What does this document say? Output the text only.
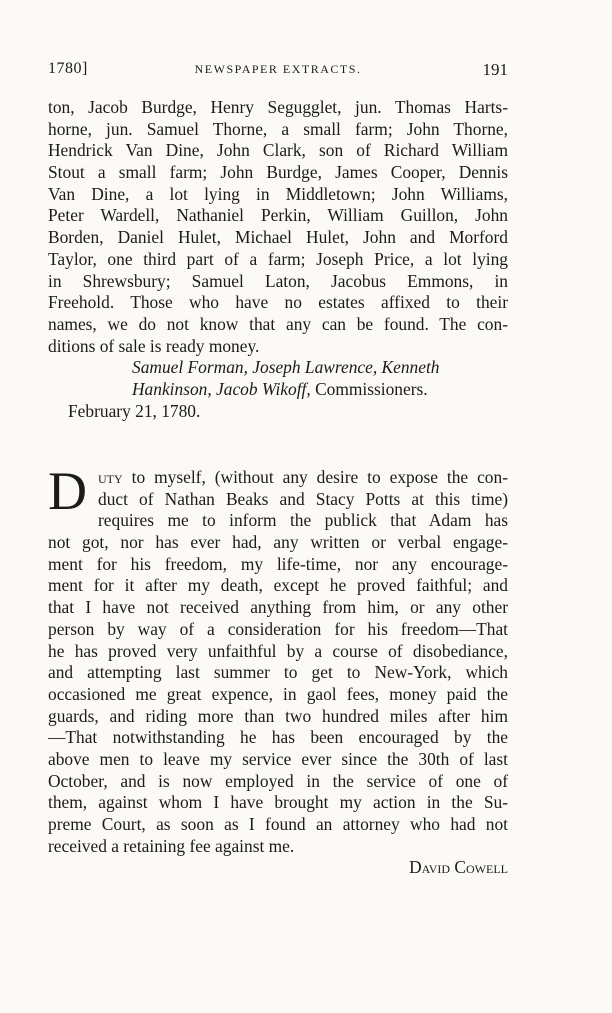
1780]	NEWSPAPER EXTRACTS.	191
ton, Jacob Burdge, Henry Segugglet, jun. Thomas Harts-
horne, jun. Samuel Thorne, a small farm; John Thorne,
Hendrick Van Dine, John Clark, son of Richard William
Stout a small farm; John Burdge, James Cooper, Dennis
Van Dine, a lot lying in Middletown; John Williams,
Peter Wardell, Nathaniel Perkin, William Guillon, John
Borden, Daniel Hulet, Michael Hulet, John and Morford
Taylor, one third part of a farm; Joseph Price, a lot lying
in Shrewsbury; Samuel Laton, Jacobus Emmons, in
Freehold. Those who have no estates affixed to their
names, we do not know that any can be found. The con-
ditions of sale is ready money.
Samuel Forman, Joseph Lawrence, Kenneth
Hankinson, Jacob Wikoff, Commissioners.
February 21, 1780.
D uty to myself, (without any desire to expose the con-
duct of Nathan Beaks and Stacy Potts at this time)
requires me to inform the publick that Adam has
not got, nor has ever had, any written or verbal engage-
ment for his freedom, my life-time, nor any encourage-
ment for it after my death, except he proved faithful; and
that I have not received anything from him, or any other
person by way of a consideration for his freedom—That
he has proved very unfaithful by a course of disobediance,
and attempting last summer to get to New-York, which
occasioned me great expence, in gaol fees, money paid the
guards, and riding more than two hundred miles after him
—That notwithstanding he has been encouraged by the
above men to leave my service ever since the 30th of last
October, and is now employed in the service of one of
them, against whom I have brought my action in the Su-
preme Court, as soon as I found an attorney who had not
received a retaining fee against me.
David Cowell
